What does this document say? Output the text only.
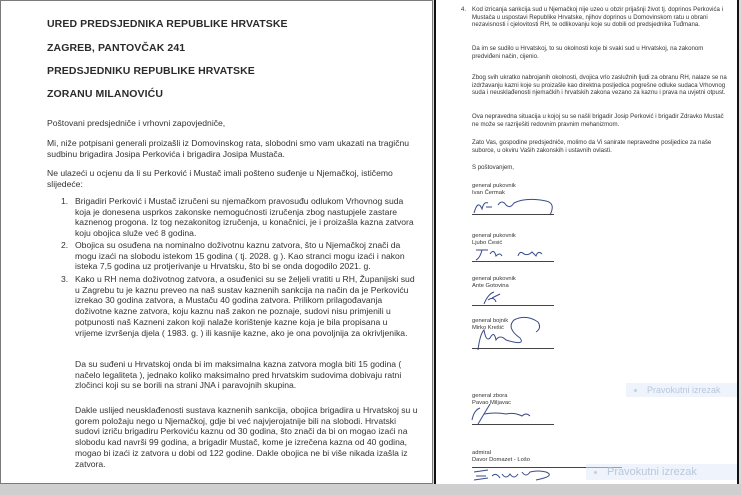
URED PREDSJEDNIKA REPUBLIKE HRVATSKE
ZAGREB, PANTOVČAK 241
PREDSJEDNIKU REPUBLIKE HRVATSKE
ZORANU MILANOVIĆU
Poštovani predsjedniče i vrhovni zapovjedniče,
Mi, niže potpisani generali proizašli iz Domovinskog rata, slobodni smo vam ukazati na tragičnu sudbinu brigadira Josipa Perkovića i brigadira Josipa Mustača.
Ne ulazeći u ocjenu da li su Perković i Mustač imali pošteno suđenje u Njemačkoj, ističemo slijedeće:
1. Brigadiri Perković i Mustač izručeni su njemačkom pravosuđu odlukom Vrhovnog suda koja je donesena usprkos zakonske nemogućnosti izručenja zbog nastupjele zastare kaznenog progona. Iz tog nezakonitog izručenja, u konačnici, je i proizašla kazna zatvora koju obojica služe već 8 godina.
2. Obojica su osuđena na nominalno doživotnu kaznu zatvora, što u Njemačkoj znači da mogu izaći na slobodu istekom 15 godina ( tj. 2028. g ). Kao stranci mogu izaći i nakon isteka 7,5 godina uz protjerivanje u Hrvatsku, što bi se onda dogodilo 2021. g.
3. Kako u RH nema doživotnog zatvora, a osuđenici su se željeli vratiti u RH, Županijski sud u Zagrebu tu je kaznu preveo na naš sustav kaznenih sankcija na način da je Perkoviću izrekao 30 godina zatvora, a Mustaču 40 godina zatvora. Prilikom prilagođavanja doživotne kazne zatvora, koju kaznu naš zakon ne poznaje, sudovi nisu primjenili u potpunosti naš Kazneni zakon koji nalaže korištenje kazne koja je bila propisana u vrijeme izvršenja djela ( 1983. g. ) ili kasnije kazne, ako je ona povoljnija za okrivljenika.
Da su suđeni u Hrvatskoj onda bi im maksimalna kazna zatvora mogla biti 15 godina ( načelo legaliteta ), jednako koliko maksimalno pred hrvatskim sudovima dobivaju ratni zločinci koji su se borili na strani JNA i paravojnih skupina.
Dakle uslijed neusklađenosti sustava kaznenih sankcija, obojica brigadira u Hrvatskoj su u gorem položaju nego u Njemačkoj, gdje bi već najvjerojatnije bili na slobodi. Hrvatski sudovi izriču brigadiru Perkoviću kaznu od 30 godina, što znači da bi on mogao izaći na slobodu kad navrši 99 godina, a brigadir Mustač, kome je izrečena kazna od 40 godina, mogao bi izaći iz zatvora u dobi od 122 godine. Dakle obojica ne bi više nikada izašla iz zatvora.
4. Kod izricanja sankcija sud u Njemačkoj nije uzeo u obzir prijašnji život tj. doprinos Perkovića i Mustača u uspostavi Republike Hrvatske, njihov doprinos u Domovinskom ratu u obrani nezavisnosti i cjelovitosti RH, te odlikovanju koje su dobili od predsjednika Tuđmana.
Da im se sudilo u Hrvatskoj, to su okolnosti koje bi svaki sud u Hrvatskoj, na zakonom predviđeni način, cijenio.
Zbog svih ukratko nabrojanih okolnosti, dvojica vrlo zaslužnih ljudi za obranu RH, nalaze se na izdržavanju kazni koje su proizašle kao direktna posljedica pogrešne odluke sudaca Vrhovnog suda i neusklađenosti njemačkih i hrvatskih zakona vezano za kaznu i prava na uvjetni otpust.
Ova nepravedna situacija u kojoj su se našli brigadir Josip Perković i brigadir Zdravko Mustač ne može se razriješiti redovnim pravnim mehanizmom.
Zato Vas, gospodine predsjedniče, molimo da Vi sanirate nepravedne posljedice za naše suborce, u okviru Vaših zakonskih i ustavnih ovlasti.
S poštovanjem,
general pukovnik
Ivan Čermak
general pukovnik
Ljubo Ćesić
general pukovnik
Ante Gotovina
general bojnik
Mirko Krešić
general zbora
Pavao Miljavac
admiral
Davor Domazet - Lošo
Pravokutni izrezak
Pravokutni izrezak
